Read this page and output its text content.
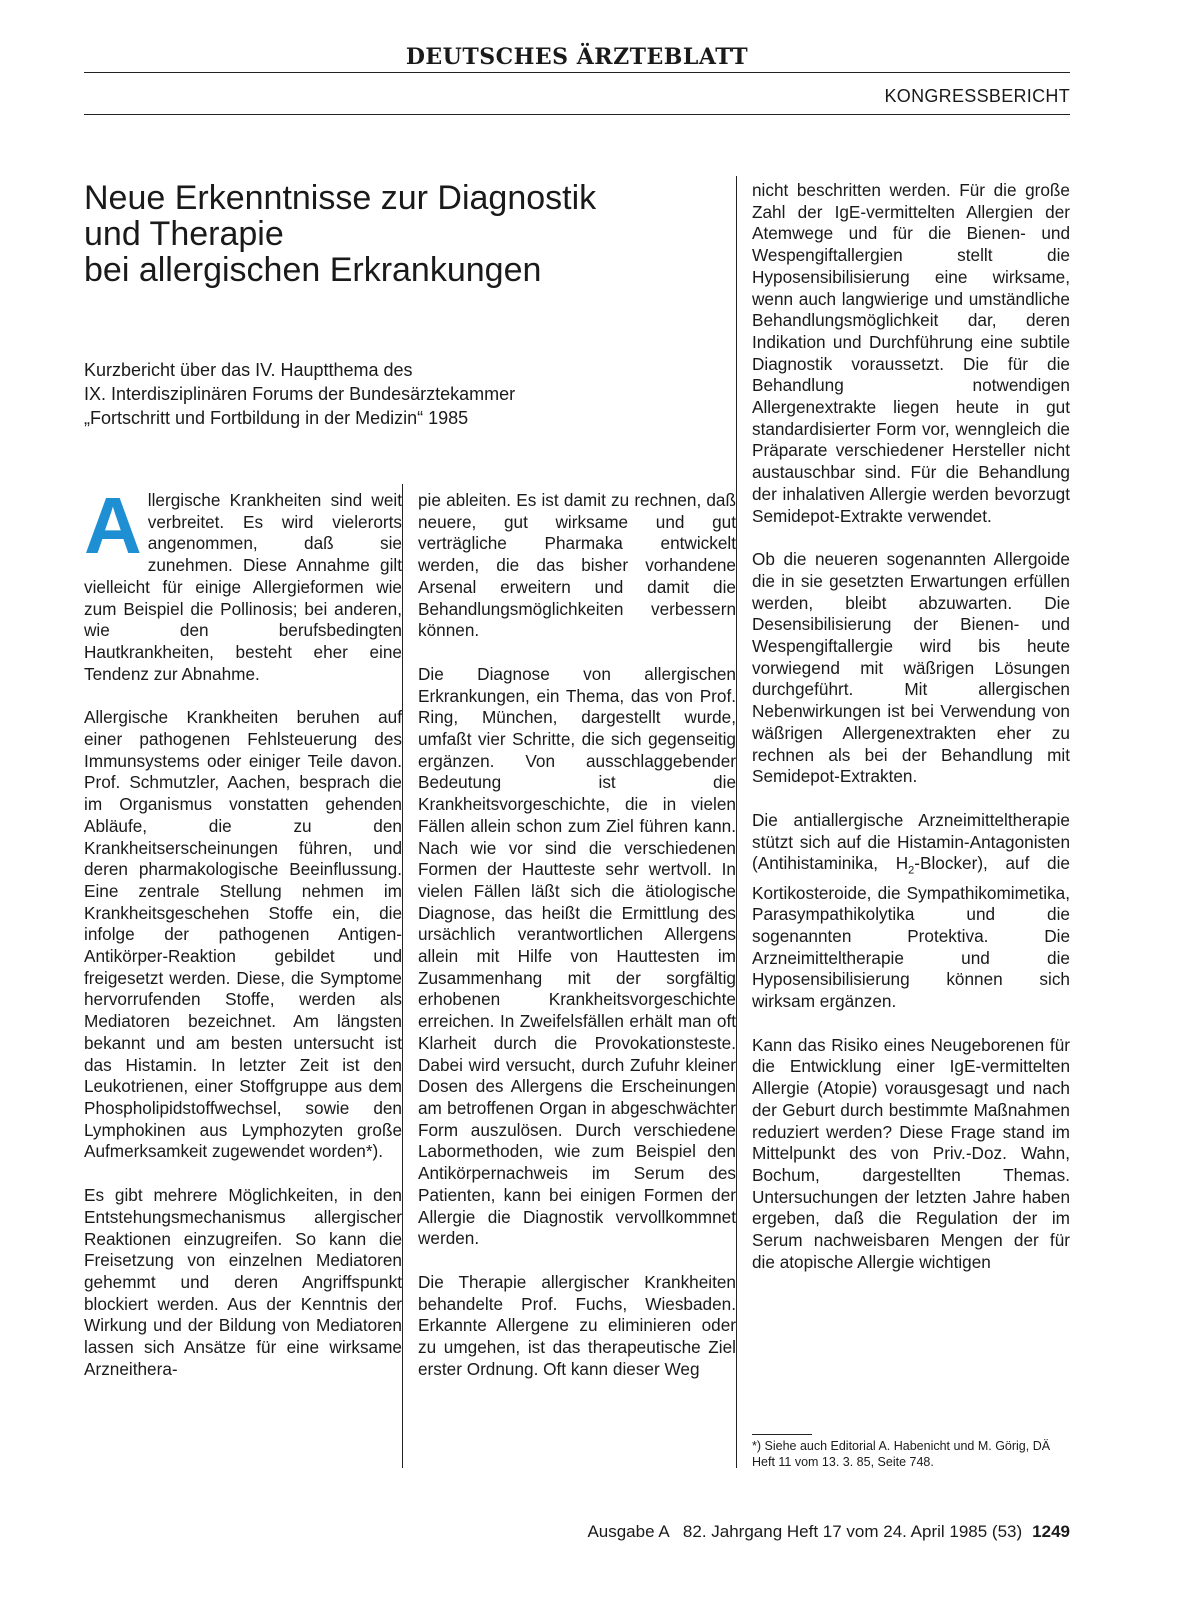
DEUTSCHES ÄRZTEBLATT
KONGRESSBERICHT
Neue Erkenntnisse zur Diagnostik
und Therapie
bei allergischen Erkrankungen
Kurzbericht über das IV. Hauptthema des
IX. Interdisziplinären Forums der Bundesärztekammer
„Fortschritt und Fortbildung in der Medizin“ 1985

Allergische Krankheiten sind weit verbreitet. Es wird vielerorts angenommen, daß sie zunehmen. Diese Annahme gilt vielleicht für einige Allergieformen wie zum Beispiel die Pollinosis; bei anderen, wie den berufsbedingten Hautkrankheiten, besteht eher eine Tendenz zur Abnahme.

Allergische Krankheiten beruhen auf einer pathogenen Fehlsteuerung des Immunsystems oder einiger Teile davon. Prof. Schmutzler, Aachen, besprach die im Organismus vonstatten gehenden Abläufe, die zu den Krankheitserscheinungen führen, und deren pharmakologische Beeinflussung. Eine zentrale Stellung nehmen im Krankheitsgeschehen Stoffe ein, die infolge der pathogenen Antigen-Antikörper-Reaktion gebildet und freigesetzt werden. Diese, die Symptome hervorrufenden Stoffe, werden als Mediatoren bezeichnet. Am längsten bekannt und am besten untersucht ist das Histamin. In letzter Zeit ist den Leukotrienen, einer Stoffgruppe aus dem Phospholipidstoffwechsel, sowie den Lymphokinen aus Lymphozyten große Aufmerksamkeit zugewendet worden*).

Es gibt mehrere Möglichkeiten, in den Entstehungsmechanismus allergischer Reaktionen einzugreifen. So kann die Freisetzung von einzelnen Mediatoren gehemmt und deren Angriffspunkt blockiert werden. Aus der Kenntnis der Wirkung und der Bildung von Mediatoren lassen sich Ansätze für eine wirksame Arzneithera-

pie ableiten. Es ist damit zu rechnen, daß neuere, gut wirksame und gut verträgliche Pharmaka entwickelt werden, die das bisher vorhandene Arsenal erweitern und damit die Behandlungsmöglichkeiten verbessern können.

Die Diagnose von allergischen Erkrankungen, ein Thema, das von Prof. Ring, München, dargestellt wurde, umfaßt vier Schritte, die sich gegenseitig ergänzen. Von ausschlaggebender Bedeutung ist die Krankheitsvorgeschichte, die in vielen Fällen allein schon zum Ziel führen kann. Nach wie vor sind die verschiedenen Formen der Hautteste sehr wertvoll. In vielen Fällen läßt sich die ätiologische Diagnose, das heißt die Ermittlung des ursächlich verantwortlichen Allergens allein mit Hilfe von Hauttesten im Zusammenhang mit der sorgfältig erhobenen Krankheitsvorgeschichte erreichen. In Zweifelsfällen erhält man oft Klarheit durch die Provokationsteste. Dabei wird versucht, durch Zufuhr kleiner Dosen des Allergens die Erscheinungen am betroffenen Organ in abgeschwächter Form auszulösen. Durch verschiedene Labormethoden, wie zum Beispiel den Antikörpernachweis im Serum des Patienten, kann bei einigen Formen der Allergie die Diagnostik vervollkommnet werden.

Die Therapie allergischer Krankheiten behandelte Prof. Fuchs, Wiesbaden. Erkannte Allergene zu eliminieren oder zu umgehen, ist das therapeutische Ziel erster Ordnung. Oft kann dieser Weg

nicht beschritten werden. Für die große Zahl der IgE-vermittelten Allergien der Atemwege und für die Bienen- und Wespengiftallergien stellt die Hyposensibilisierung eine wirksame, wenn auch langwierige und umständliche Behandlungsmöglichkeit dar, deren Indikation und Durchführung eine subtile Diagnostik voraussetzt. Die für die Behandlung notwendigen Allergenextrakte liegen heute in gut standardisierter Form vor, wenngleich die Präparate verschiedener Hersteller nicht austauschbar sind. Für die Behandlung der inhalativen Allergie werden bevorzugt Semidepot-Extrakte verwendet.

Ob die neueren sogenannten Allergoide die in sie gesetzten Erwartungen erfüllen werden, bleibt abzuwarten. Die Desensibilisierung der Bienen- und Wespengiftallergie wird bis heute vorwiegend mit wäßrigen Lösungen durchgeführt. Mit allergischen Nebenwirkungen ist bei Verwendung von wäßrigen Allergenextrakten eher zu rechnen als bei der Behandlung mit Semidepot-Extrakten.

Die antiallergische Arzneimitteltherapie stützt sich auf die Histamin-Antagonisten (Antihistaminika, $H_2-Blocker$), auf die Kortikosteroide, die Sympathikomimetika, Parasympathikolytika und die sogenannten Protektiva. Die Arzneimitteltherapie und die Hyposensibilisierung können sich wirksam ergänzen.

Kann das Risiko eines Neugeborenen für die Entwicklung einer IgE-vermittelten Allergie (Atopie) vorausgesagt und nach der Geburt durch bestimmte Maßnahmen reduziert werden? Diese Frage stand im Mittelpunkt des von Priv.-Doz. Wahn, Bochum, dargestellten Themas. Untersuchungen der letzten Jahre haben ergeben, daß die Regulation der im Serum nachweisbaren Mengen der für die atopische Allergie wichtigen

*) Siehe auch Editorial A. Habenicht und M. Görig, DÄ Heft 11 vom 13. 3. 85, Seite 748.
Ausgabe A   82. Jahrgang Heft 17 vom 24. April 1985 (53) 1249
